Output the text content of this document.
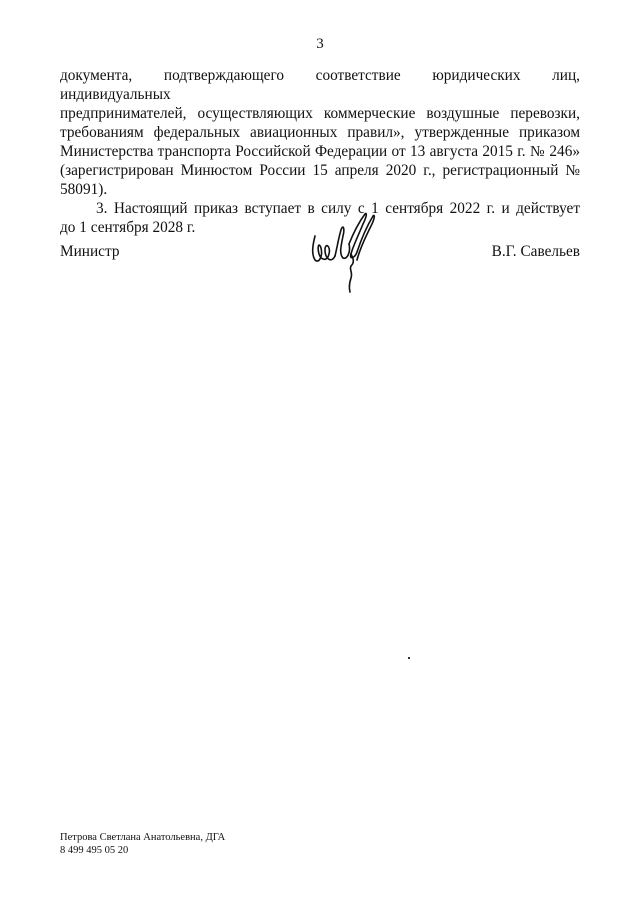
3

документа, подтверждающего соответствие юридических лиц, индивидуальных
предпринимателей, осуществляющих коммерческие воздушные перевозки,
требованиям федеральных авиационных правил», утвержденные приказом
Министерства транспорта Российской Федерации от 13 августа 2015 г. № 246»
(зарегистрирован Минюстом России 15 апреля 2020 г., регистрационный № 58091).

3. Настоящий приказ вступает в силу с 1 сентября 2022 г. и действует
до 1 сентября 2028 г.

Министр	В.Г. Савельев
Петрова Светлана Анатольевна, ДГА
8 499 495 05 20
